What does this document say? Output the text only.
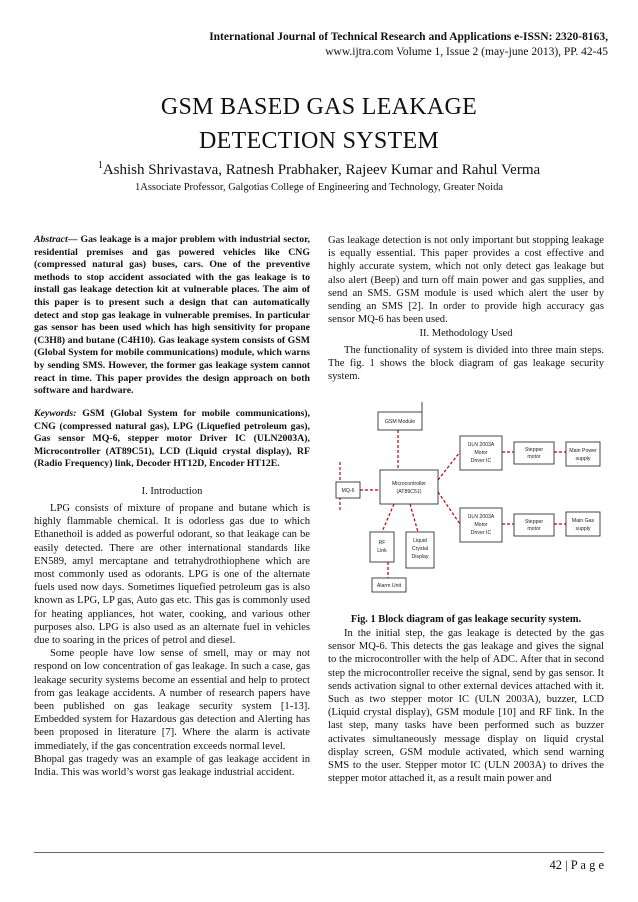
International Journal of Technical Research and Applications e-ISSN: 2320-8163,
www.ijtra.com Volume 1, Issue 2 (may-june 2013), PP. 42-45
GSM BASED GAS LEAKAGE
DETECTION SYSTEM
$^1$Ashish Shrivastava, Ratnesh Prabhaker, Rajeev Kumar and Rahul Verma
1Associate Professor, Galgotias College of Engineering and Technology, Greater Noida
Abstract— Gas leakage is a major problem with industrial sector, residential premises and gas powered vehicles like CNG (compressed natural gas) buses, cars. One of the preventive methods to stop accident associated with the gas leakage is to install gas leakage detection kit at vulnerable places. The aim of this paper is to present such a design that can automatically detect and stop gas leakage in vulnerable premises. In particular gas sensor has been used which has high sensitivity for propane (C3H8) and butane (C4H10). Gas leakage system consists of GSM (Global System for mobile communications) module, which warns by sending SMS. However, the former gas leakage system cannot react in time. This paper provides the design approach on both software and hardware.
Keywords: GSM (Global System for mobile communications), CNG (compressed natural gas), LPG (Liquefied petroleum gas), Gas sensor MQ-6, stepper motor Driver IC (ULN2003A), Microcontroller (AT89C51), LCD (Liquid crystal display), RF (Radio Frequency) link, Decoder HT12D, Encoder HT12E.
I. Introduction

LPG consists of mixture of propane and butane which is highly flammable chemical. It is odorless gas due to which Ethanethoil is added as powerful odorant, so that leakage can be easily detected. There are other international standards like EN589, amyl mercaptane and tetrahydrothiophene which are most commonly used as odorants. LPG is one of the alternate fuels used now days. Sometimes liquefied petroleum gas is also known as LPG, LP gas, Auto gas etc. This gas is commonly used for heating appliances, hot water, cooking, and various other purposes also. LPG is also used as an alternate fuel in vehicles due to soaring in the prices of petrol and diesel.

Some people have low sense of smell, may or may not respond on low concentration of gas leakage. In such a case, gas leakage security systems become an essential and help to protect from gas leakage accidents. A number of research papers have been published on gas leakage security system [1-13]. Embedded system for Hazardous gas detection and Alerting has been proposed in literature [7]. Where the alarm is activate immediately, if the gas concentration exceeds normal level.

Bhopal gas tragedy was an example of gas leakage accident in India. This was world’s worst gas leakage industrial accident.

Gas leakage detection is not only important but stopping leakage is equally essential. This paper provides a cost effective and highly accurate system, which not only detect gas leakage but also alert (Beep) and turn off main power and gas supplies, and send an SMS. GSM module is used which alert the user by sending an SMS [2]. In order to provide high accuracy gas sensor MQ-6 has been used.
II. Methodology Used

The functionality of system is divided into three main steps. The fig. 1 shows the block diagram of gas leakage security system.

GSM Module
MQ-6
Microcontroller
(AT89C51)
ULN 2003A
Motor
Driver IC
ULN 2003A
Motor
Driver IC
Stepper
motor
Stepper
motor
Main Power
supply
Main Gas
supply
RF
Link
Liquid
Crystal
Display
Alarm Unit
Fig. 1 Block diagram of gas leakage security system.

In the initial step, the gas leakage is detected by the gas sensor MQ-6. This detects the gas leakage and gives the signal to the microcontroller with the help of ADC. After that in second step the microcontroller receive the signal, send by gas sensor. It sends activation signal to other external devices attached with it. Such as two stepper motor IC (ULN 2003A), buzzer, LCD (Liquid crystal display), GSM module [10] and RF link. In the last step, many tasks have been performed such as buzzer activates simultaneously message display on liquid crystal display screen, GSM module activated, which send warning SMS to the user. Stepper motor IC (ULN 2003A) to drives the stepper motor attached it, as a result main power and

42 | P a g e
